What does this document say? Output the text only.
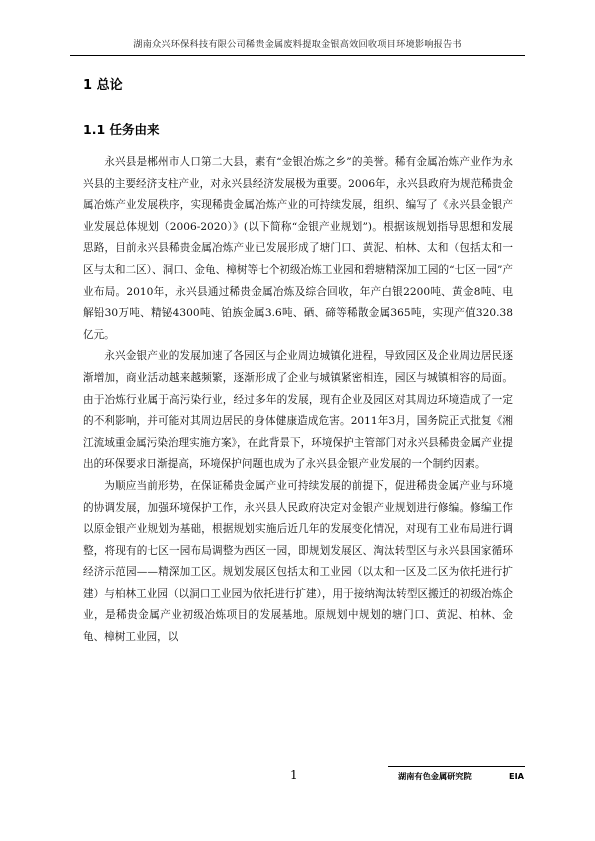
湖南众兴环保科技有限公司稀贵金属废料提取金银高效回收项目环境影响报告书
1 总论
1.1 任务由来

永兴县是郴州市人口第二大县，素有“金银冶炼之乡”的美誉。稀有金属冶炼产业作为永兴县的主要经济支柱产业，对永兴县经济发展极为重要。2006年，永兴县政府为规范稀贵金属冶炼产业发展秩序，实现稀贵金属冶炼产业的可持续发展，组织、编写了《永兴县金银产业发展总体规划（2006-2020）》(以下简称“金银产业规划”)。根据该规划指导思想和发展思路，目前永兴县稀贵金属冶炼产业已发展形成了塘门口、黄泥、柏林、太和（包括太和一区与太和二区）、洞口、金龟、樟树等七个初级冶炼工业园和碧塘精深加工园的“七区一园”产业布局。2010年，永兴县通过稀贵金属冶炼及综合回收，年产白银2200吨、黄金8吨、电解铅30万吨、精铋4300吨、铂族金属3.6吨、硒、碲等稀散金属365吨，实现产值320.38亿元。

永兴金银产业的发展加速了各园区与企业周边城镇化进程，导致园区及企业周边居民逐渐增加，商业活动越来越频繁，逐渐形成了企业与城镇紧密相连，园区与城镇相容的局面。由于冶炼行业属于高污染行业，经过多年的发展，现有企业及园区对其周边环境造成了一定的不利影响，并可能对其周边居民的身体健康造成危害。2011年3月，国务院正式批复《湘江流域重金属污染治理实施方案》，在此背景下，环境保护主管部门对永兴县稀贵金属产业提出的环保要求日渐提高，环境保护问题也成为了永兴县金银产业发展的一个制约因素。

为顺应当前形势，在保证稀贵金属产业可持续发展的前提下，促进稀贵金属产业与环境的协调发展，加强环境保护工作，永兴县人民政府决定对金银产业规划进行修编。修编工作以原金银产业规划为基础，根据规划实施后近几年的发展变化情况，对现有工业布局进行调整，将现有的七区一园布局调整为西区一园，即规划发展区、淘汰转型区与永兴县国家循环经济示范园——精深加工区。规划发展区包括太和工业园（以太和一区及二区为依托进行扩建）与柏林工业园（以洞口工业园为依托进行扩建），用于接纳淘汰转型区搬迁的初级冶炼企业，是稀贵金属产业初级冶炼项目的发展基地。原规划中规划的塘门口、黄泥、柏林、金龟、樟树工业园，以

1	湖南有色金属研究院	EIA
